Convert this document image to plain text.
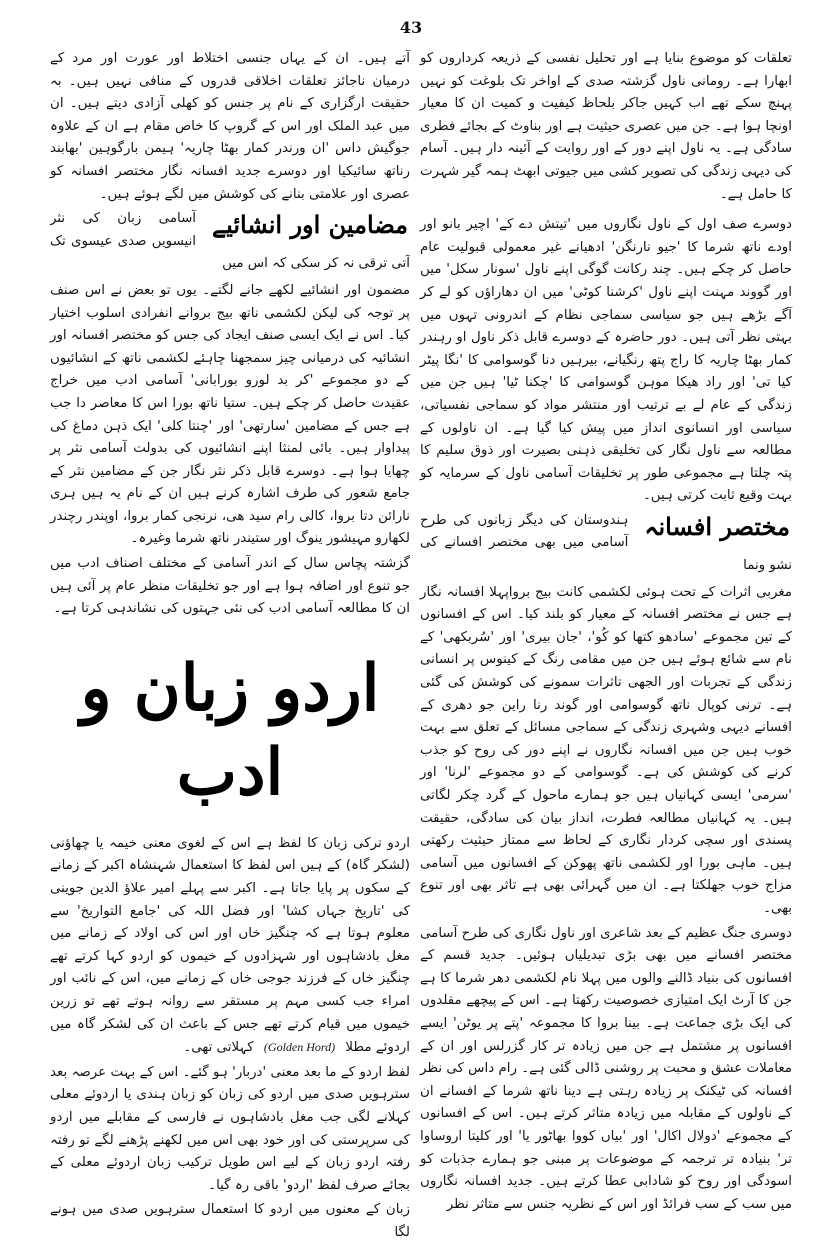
43

تعلقات کو موضوع بنایا ہے اور تحلیل نفسی کے ذریعہ کرداروں کو ابھارا ہے۔ رومانی ناول گزشتہ صدی کے اواخر تک بلوغت کو نہیں پہنچ سکے تھے اب کہیں جاکر بلحاظ کیفیت و کمیت ان کا معیار اونچا ہوا ہے۔ جن میں عصری حیثیت ہے اور بناوٹ کے بجائے فطری سادگی ہے۔ یہ ناول اپنے دور کے اور روایت کے آئینہ دار ہیں۔ آسام کی دیہی زندگی کی تصویر کشی میں جیوتی ابھٹ ہمہ گیر شہرت کا حامل ہے۔

دوسرے صف اول کے ناول نگاروں میں 'تیتش دے کے' اچیر بانو اور اودے ناتھ شرما کا 'جیو نارنگن' ادھیانے غیر معمولی قبولیت عام حاصل کر چکے ہیں۔ چند رکانت گوگی اپنے ناول 'سونار سکل' میں اور گووند مہنت اپنے ناول 'کرشنا کوٹی' میں ان دھاراؤں کو لے کر آگے بڑھے ہیں جو سیاسی سماجی نظام کے اندرونی تہوں میں بہتی نظر آتی ہیں۔ دور حاضرہ کے دوسرے قابل ذکر ناول او رہندر کمار بھٹا چاریہ کا راج پتھ رنگیانے، بیرہیں دنا گوسوامی کا 'نگا پیٹر کیا تی' اور راد ھیکا موہن گوسوامی کا 'چکنا ٹیا' ہیں جن میں زندگی کے عام لے بے ترتیب اور منتشر مواد کو سماجی نفسیاتی، سیاسی اور انسانوی انداز میں پیش کیا گیا ہے۔ ان ناولوں کے مطالعہ سے ناول نگار کی تخلیقی ذہنی بصیرت اور ذوق سلیم کا پتہ چلتا ہے مجموعی طور پر تخلیقات آسامی ناول کے سرمایہ کو بہت وقیع ثابت کرتی ہیں۔

مختصر افسانہ
ہندوستان کی دیگر زبانوں کی طرح آسامی میں بھی مختصر افسانے کی نشو ونما

مغربی اثرات کے تحت ہوئی لکشمی کانت بیج برواپہلا افسانہ نگار ہے جس نے مختصر افسانہ کے معیار کو بلند کیا۔ اس کے افسانوں کے تین مجموعے 'سادھو کتھا کو کُو'، 'جان بیری' اور 'سُربکھی' کے نام سے شائع ہوئے ہیں جن میں مقامی رنگ کے کینوس پر انسانی زندگی کے تجربات اور الجھی تاثرات سمونے کی کوشش کی گئی ہے۔ ترنی کوپال ناتھ گوسوامی اور گوند رنا راین جو دھری کے افسانے دیہی وشہری زندگی کے سماجی مسائل کے تعلق سے بہت خوب ہیں جن میں افسانہ نگاروں نے اپنے دور کی روح کو جذب کرنے کی کوشش کی ہے۔ گوسوامی کے دو مجموعے 'لرنا' اور 'سرمی' ایسی کہانیاں ہیں جو ہمارے ماحول کے گرد چکر لگاتی ہیں۔ یہ کہانیاں مطالعہ فطرت، انداز بیان کی سادگی، حقیقت پسندی اور سچی کردار نگاری کے لحاظ سے ممتاز حیثیت رکھتی ہیں۔ ماہی بورا اور لکشمی ناتھ پھوکن کے افسانوں میں آسامی مزاج خوب جھلکتا ہے۔ ان میں گہرائی بھی ہے تاثر بھی اور تنوع بھی۔

دوسری جنگ عظیم کے بعد شاعری اور ناول نگاری کی طرح آسامی مختصر افسانے میں بھی بڑی تبدیلیاں ہوئیں۔ جدید قسم کے افسانوں کی بنیاد ڈالنے والوں میں پہلا نام لکشمی دھر شرما کا ہے جن کا آرٹ ایک امتیازی خصوصیت رکھتا ہے۔ اس کے پیچھے مقلدوں کی ایک بڑی جماعت ہے۔ بینا بروا کا مجموعہ 'پتے پر یوٹن' ایسے افسانوں پر مشتمل ہے جن میں زیادہ تر کار گزرلس اور ان کے معاملات عشق و محبت پر روشنی ڈالی گئی ہے۔ رام داس کی نظر افسانہ کی ٹیکنک پر زیادہ رہتی ہے دینا ناتھ شرما کے افسانے ان کے ناولوں کے مقابلہ میں زیادہ متاثر کرتے ہیں۔ اس کے افسانوں کے مجموعے 'دولال اکال' اور 'بیاں کووا بھاٹور یا' اور کلیتا اروساوا تر' بنیادہ تر ترجمہ کے موضوعات پر مبنی جو ہمارے جذبات کو اسودگی اور روح کو شادابی عطا کرتے ہیں۔ جدید افسانہ نگاروں میں سب کے سب فرائڈ اور اس کے نظریہ جنس سے متاثر نظر

آتے ہیں۔ ان کے یہاں جنسی اختلاط اور عورت اور مرد کے درمیان ناجائز تعلقات اخلاقی قدروں کے منافی نہیں ہیں۔ بہ حقیقت ارگزاری کے نام پر جنس کو کھلی آزادی دیتے ہیں۔ ان میں عبد الملک اور اس کے گروپ کا خاص مقام ہے ان کے علاوہ جوگیش داس 'ان ورندر کمار بھٹا چاریہ' ہیمن بارگوہین 'بھابند رناتھ سائیکیا اور دوسرے جدید افسانہ نگار مختصر افسانہ کو عصری اور علامتی بنانے کی کوشش میں لگے ہوئے ہیں۔

مضامین اور انشائیے
آسامی زبان کی نثر انیسویں صدی عیسوی تک آتی ترقی نہ کر سکی کہ اس میں

مضمون اور انشائیے لکھے جانے لگتے۔ یوں تو بعض نے اس صنف پر توجہ کی لیکن لکشمی ناتھ بیج بروانے انفرادی اسلوب اختیار کیا۔ اس نے ایک ایسی صنف ایجاد کی جس کو مختصر افسانہ اور انشائیہ کی درمیانی چیز سمجھنا چاہئے لکشمی ناتھ کے انشائیوں کے دو مجموعے 'کر بد لورو بورابانی' آسامی ادب میں خراج عقیدت حاصل کر چکے ہیں۔ ستیا ناتھ بورا اس کا معاصر دا جب ہے جس کے مضامین 'سارتھی' اور 'چنتا کلی' ایک ذہن دماغ کی پیداوار ہیں۔ بائی لمنثا اپنے انشائیوں کی بدولت آسامی نثر پر چھایا ہوا ہے۔ دوسرے قابل ذکر نثر نگار جن کے مضامین نثر کے جامع شعور کی طرف اشارہ کرنے ہیں ان کے نام یہ ہیں ہری نارائن دتا بروا، کالی رام سید ھی، نرنجی کمار بروا، اوپندر رچندر لکھارو مہیشور ینوگ اور ستیندر ناتھ شرما وغیرہ۔

گزشتہ پچاس سال کے اندر آسامی کے مختلف اصناف ادب میں جو تنوع اور اضافہ ہوا ہے اور جو تخلیقات منظر عام پر آئی ہیں ان کا مطالعہ آسامی ادب کی نئی جہتوں کی نشاندہی کرتا ہے۔

اردو زبان و ادب

اردو ترکی زبان کا لفظ ہے اس کے لغوی معنی خیمہ یا چھاؤنی (لشکر گاہ) کے ہیں اس لفظ کا استعمال شہنشاہ اکبر کے زمانے کے سکوں پر پایا جاتا ہے۔ اکبر سے پہلے امیر علاؤ الدین جوینی کی 'تاریخ جہاں کشا' اور فضل اللہ کی 'جامع التواریخ' سے معلوم ہوتا ہے کہ چنگیز خاں اور اس کی اولاد کے زمانے میں مغل بادشاہوں اور شہزادوں کے خیموں کو اردو کہا کرتے تھے چنگیز خاں کے فرزند جوجی خاں کے زمانے میں، اس کے نائب اور امراء جب کسی مہم پر مستقر سے روانہ ہوتے تھے تو زرین خیموں میں قیام کرتے تھے جس کے باعث ان کی لشکر گاہ میں اردوئے مطلا (Golden Hord) کہلاتی تھی۔

لفظ اردو کے ما بعد معنی 'دربار' ہو گئے۔ اس کے بہت عرصہ بعد سترہویں صدی میں اردو کی زبان کو زبان ہندی یا اردوئے معلی کہلانے لگی جب مغل بادشاہوں نے فارسی کے مقابلے میں اردو کی سرپرستی کی اور خود بھی اس میں لکھنے پڑھنے لگے تو رفتہ رفتہ اردو زبان کے لیے اس طویل ترکیب زبان اردوئے معلی کے بجائے صرف لفظ 'اردو' باقی رہ گیا۔

زبان کے معنوں میں اردو کا استعمال سترہویں صدی میں ہونے لگا
